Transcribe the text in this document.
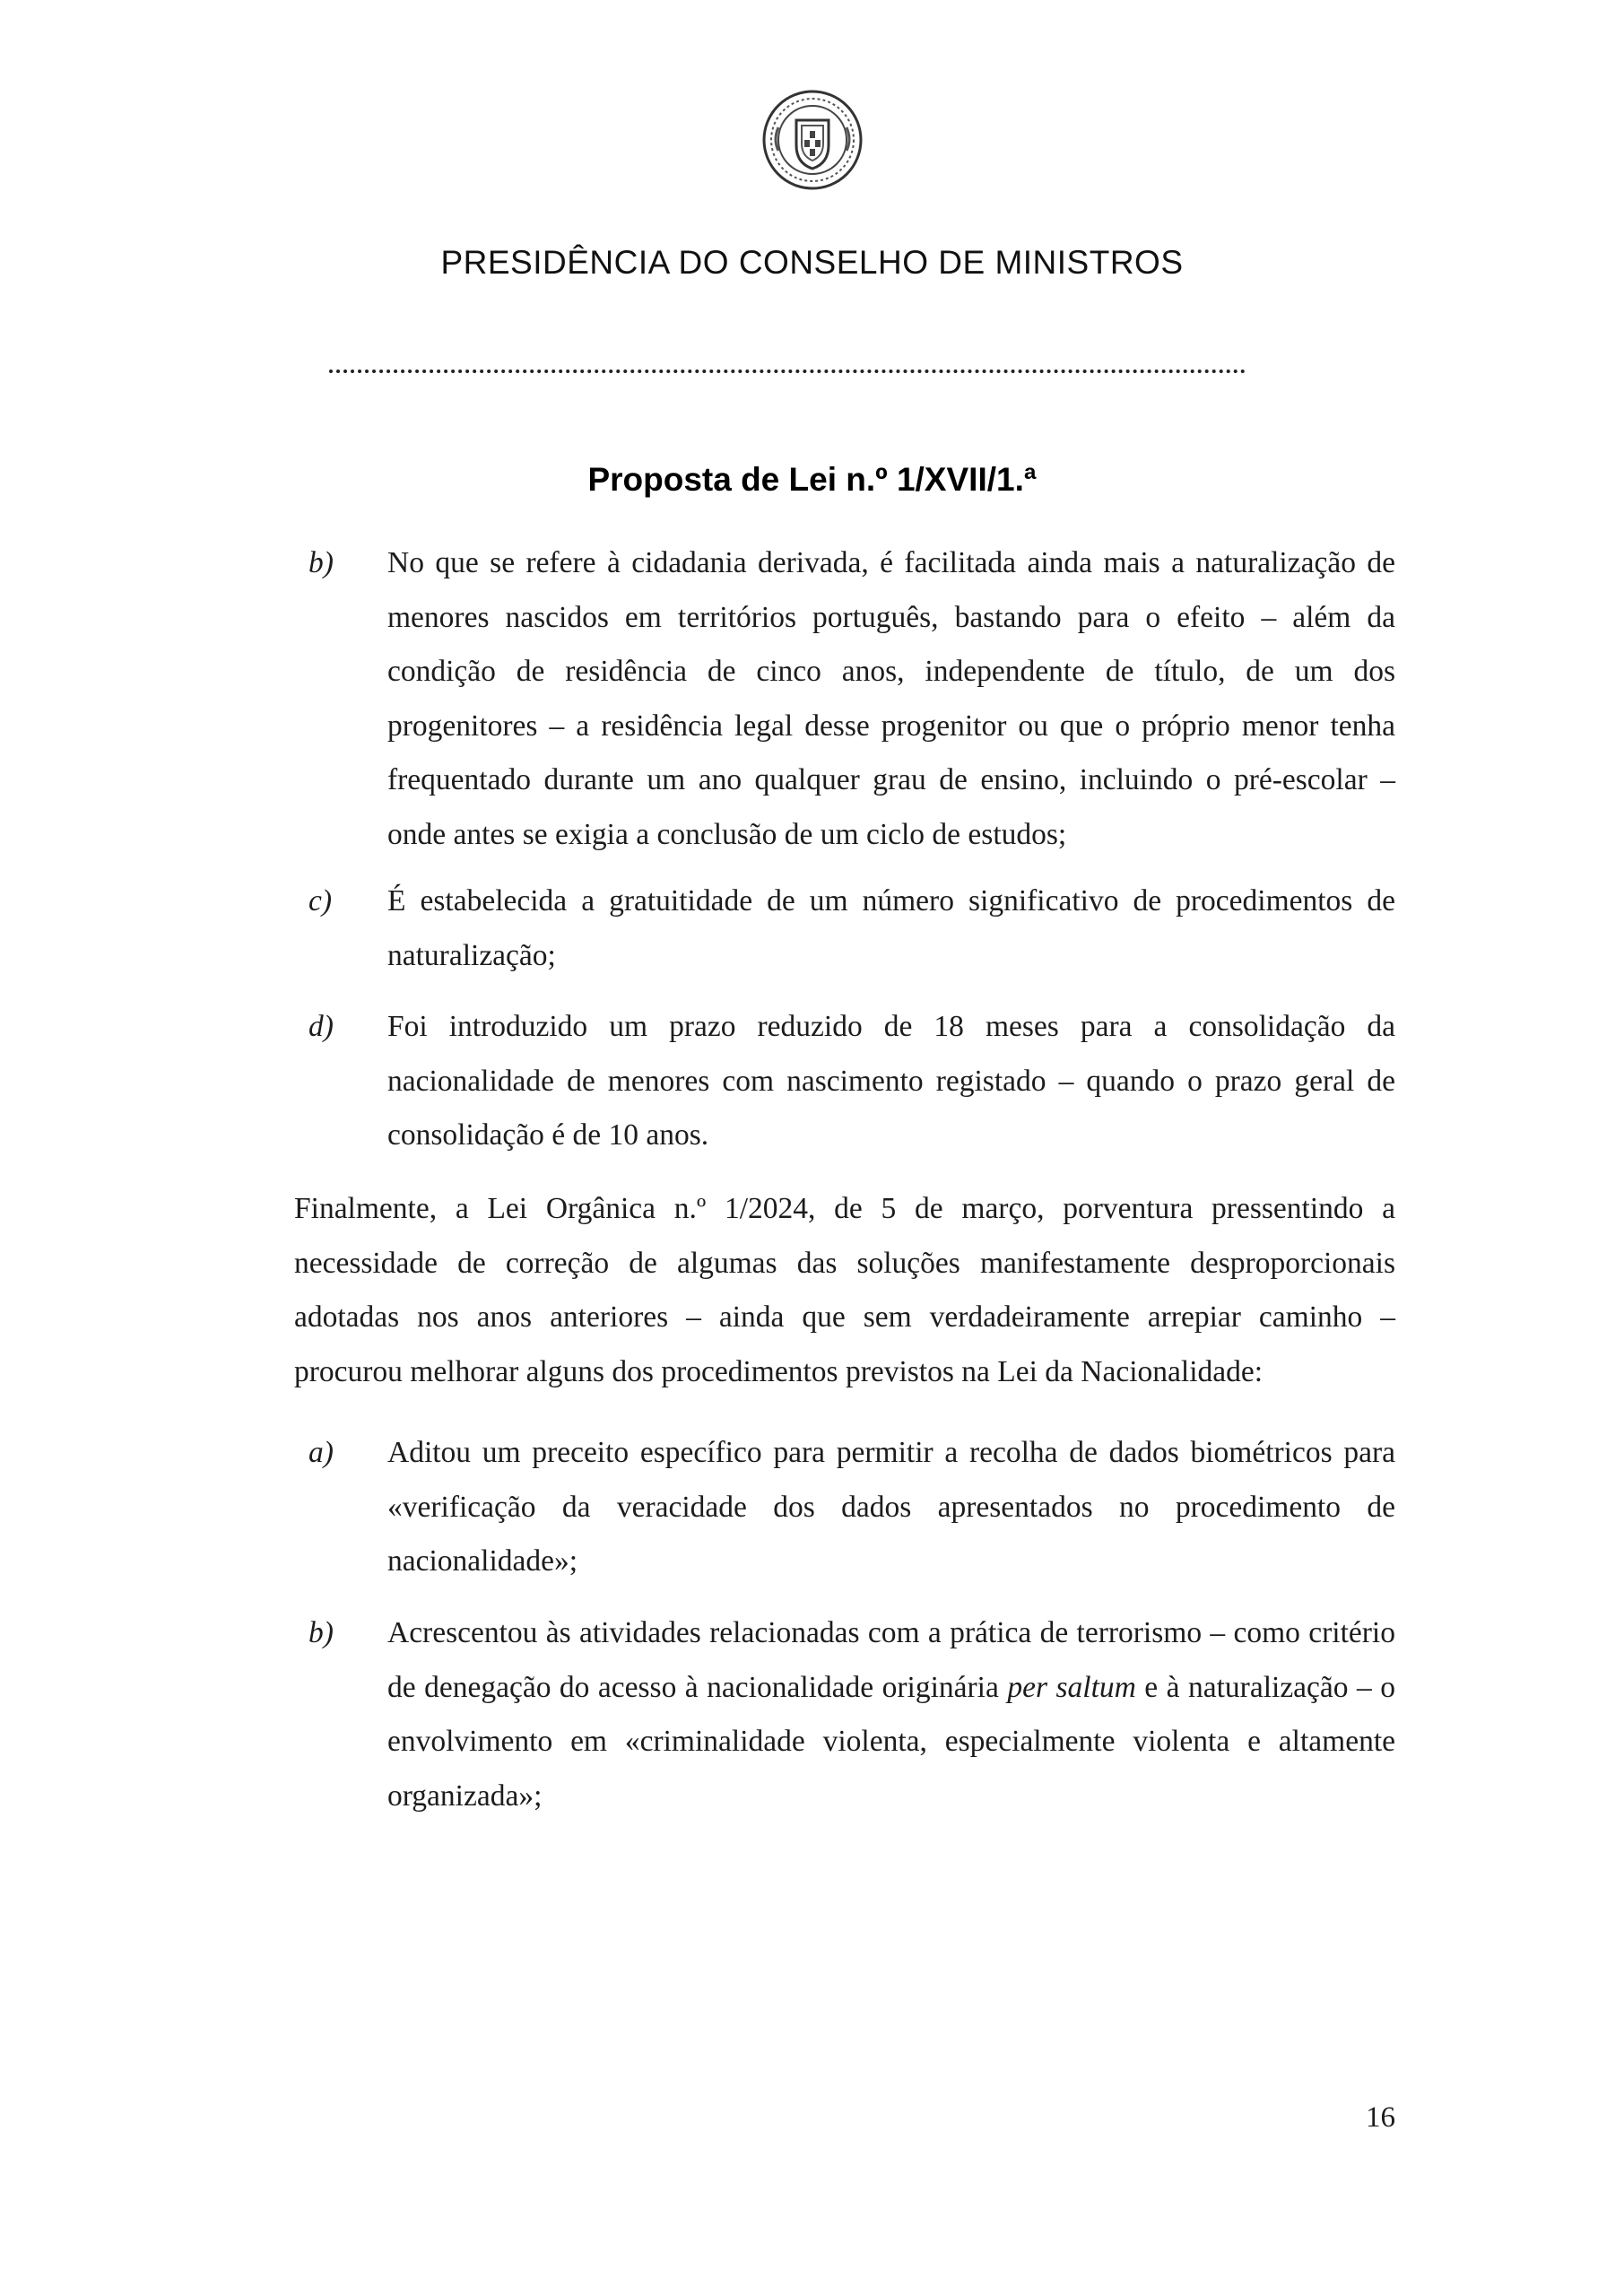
PRESIDÊNCIA DO CONSELHO DE MINISTROS
Proposta de Lei n.º 1/XVII/1.ª
b) No que se refere à cidadania derivada, é facilitada ainda mais a naturalização de menores nascidos em territórios português, bastando para o efeito – além da condição de residência de cinco anos, independente de título, de um dos progenitores – a residência legal desse progenitor ou que o próprio menor tenha frequentado durante um ano qualquer grau de ensino, incluindo o pré-escolar – onde antes se exigia a conclusão de um ciclo de estudos;
c) É estabelecida a gratuitidade de um número significativo de procedimentos de naturalização;
d) Foi introduzido um prazo reduzido de 18 meses para a consolidação da nacionalidade de menores com nascimento registado – quando o prazo geral de consolidação é de 10 anos.
Finalmente, a Lei Orgânica n.º 1/2024, de 5 de março, porventura pressentindo a necessidade de correção de algumas das soluções manifestamente desproporcionais adotadas nos anos anteriores – ainda que sem verdadeiramente arrepiar caminho – procurou melhorar alguns dos procedimentos previstos na Lei da Nacionalidade:
a) Aditou um preceito específico para permitir a recolha de dados biométricos para «verificação da veracidade dos dados apresentados no procedimento de nacionalidade»;
b) Acrescentou às atividades relacionadas com a prática de terrorismo – como critério de denegação do acesso à nacionalidade originária per saltum e à naturalização – o envolvimento em «criminalidade violenta, especialmente violenta e altamente organizada»;
16
